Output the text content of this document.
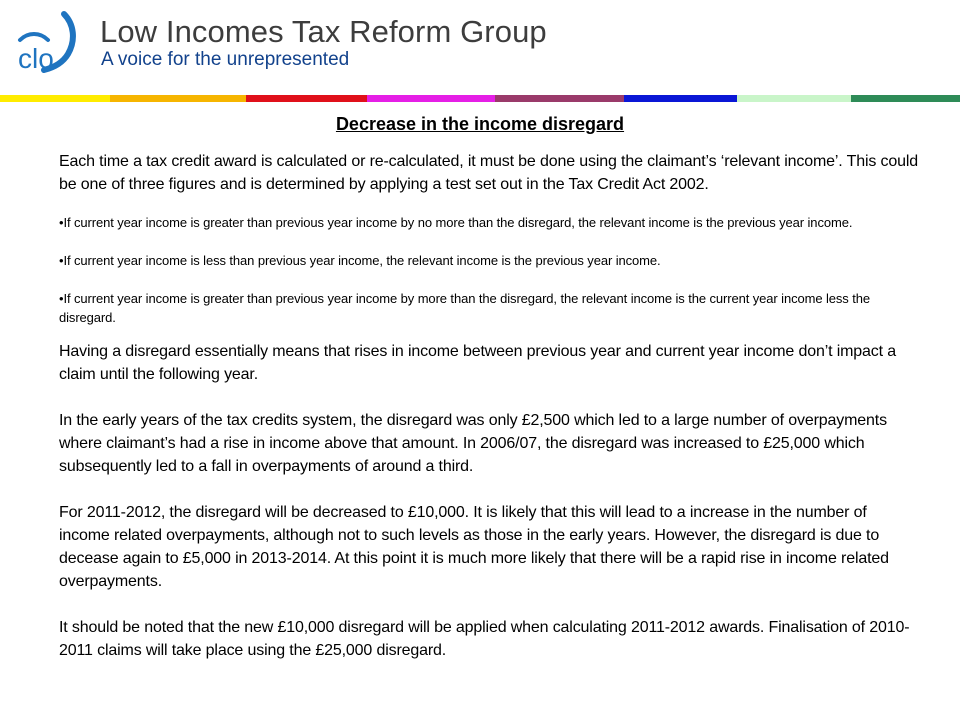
clo
Low Incomes Tax Reform Group
A voice for the unrepresented
Decrease in the income disregard

Each time a tax credit award is calculated or re-calculated, it must be done using the claimant’s ‘relevant income’. This could be one of three figures and is determined by applying a test set out in the Tax Credit Act 2002.

•If current year income is greater than previous year income by no more than the disregard, the relevant income is the previous year income.

•If current year income is less than previous year income, the relevant income is the previous year income.

•If current year income is greater than previous year income by more than the disregard, the relevant income is the current year income less the disregard.

Having a disregard essentially means that rises in income between previous year and current year income don’t impact a claim until the following year.

In the early years of the tax credits system, the disregard was only £2,500 which led to a large number of overpayments where claimant’s had a rise in income above that amount. In 2006/07, the disregard was increased to £25,000 which subsequently led to a fall in overpayments of around a third.

For 2011-2012, the disregard will be decreased to £10,000. It is likely that this will lead to a increase in the number of income related overpayments, although not to such levels as those in the early years. However, the disregard is due to decease again to £5,000 in 2013-2014. At this point it is much more likely that there will be a rapid rise in income related overpayments.

It should be noted that the new £10,000 disregard will be applied when calculating 2011-2012 awards. Finalisation of 2010-2011 claims will take place using the £25,000 disregard.
